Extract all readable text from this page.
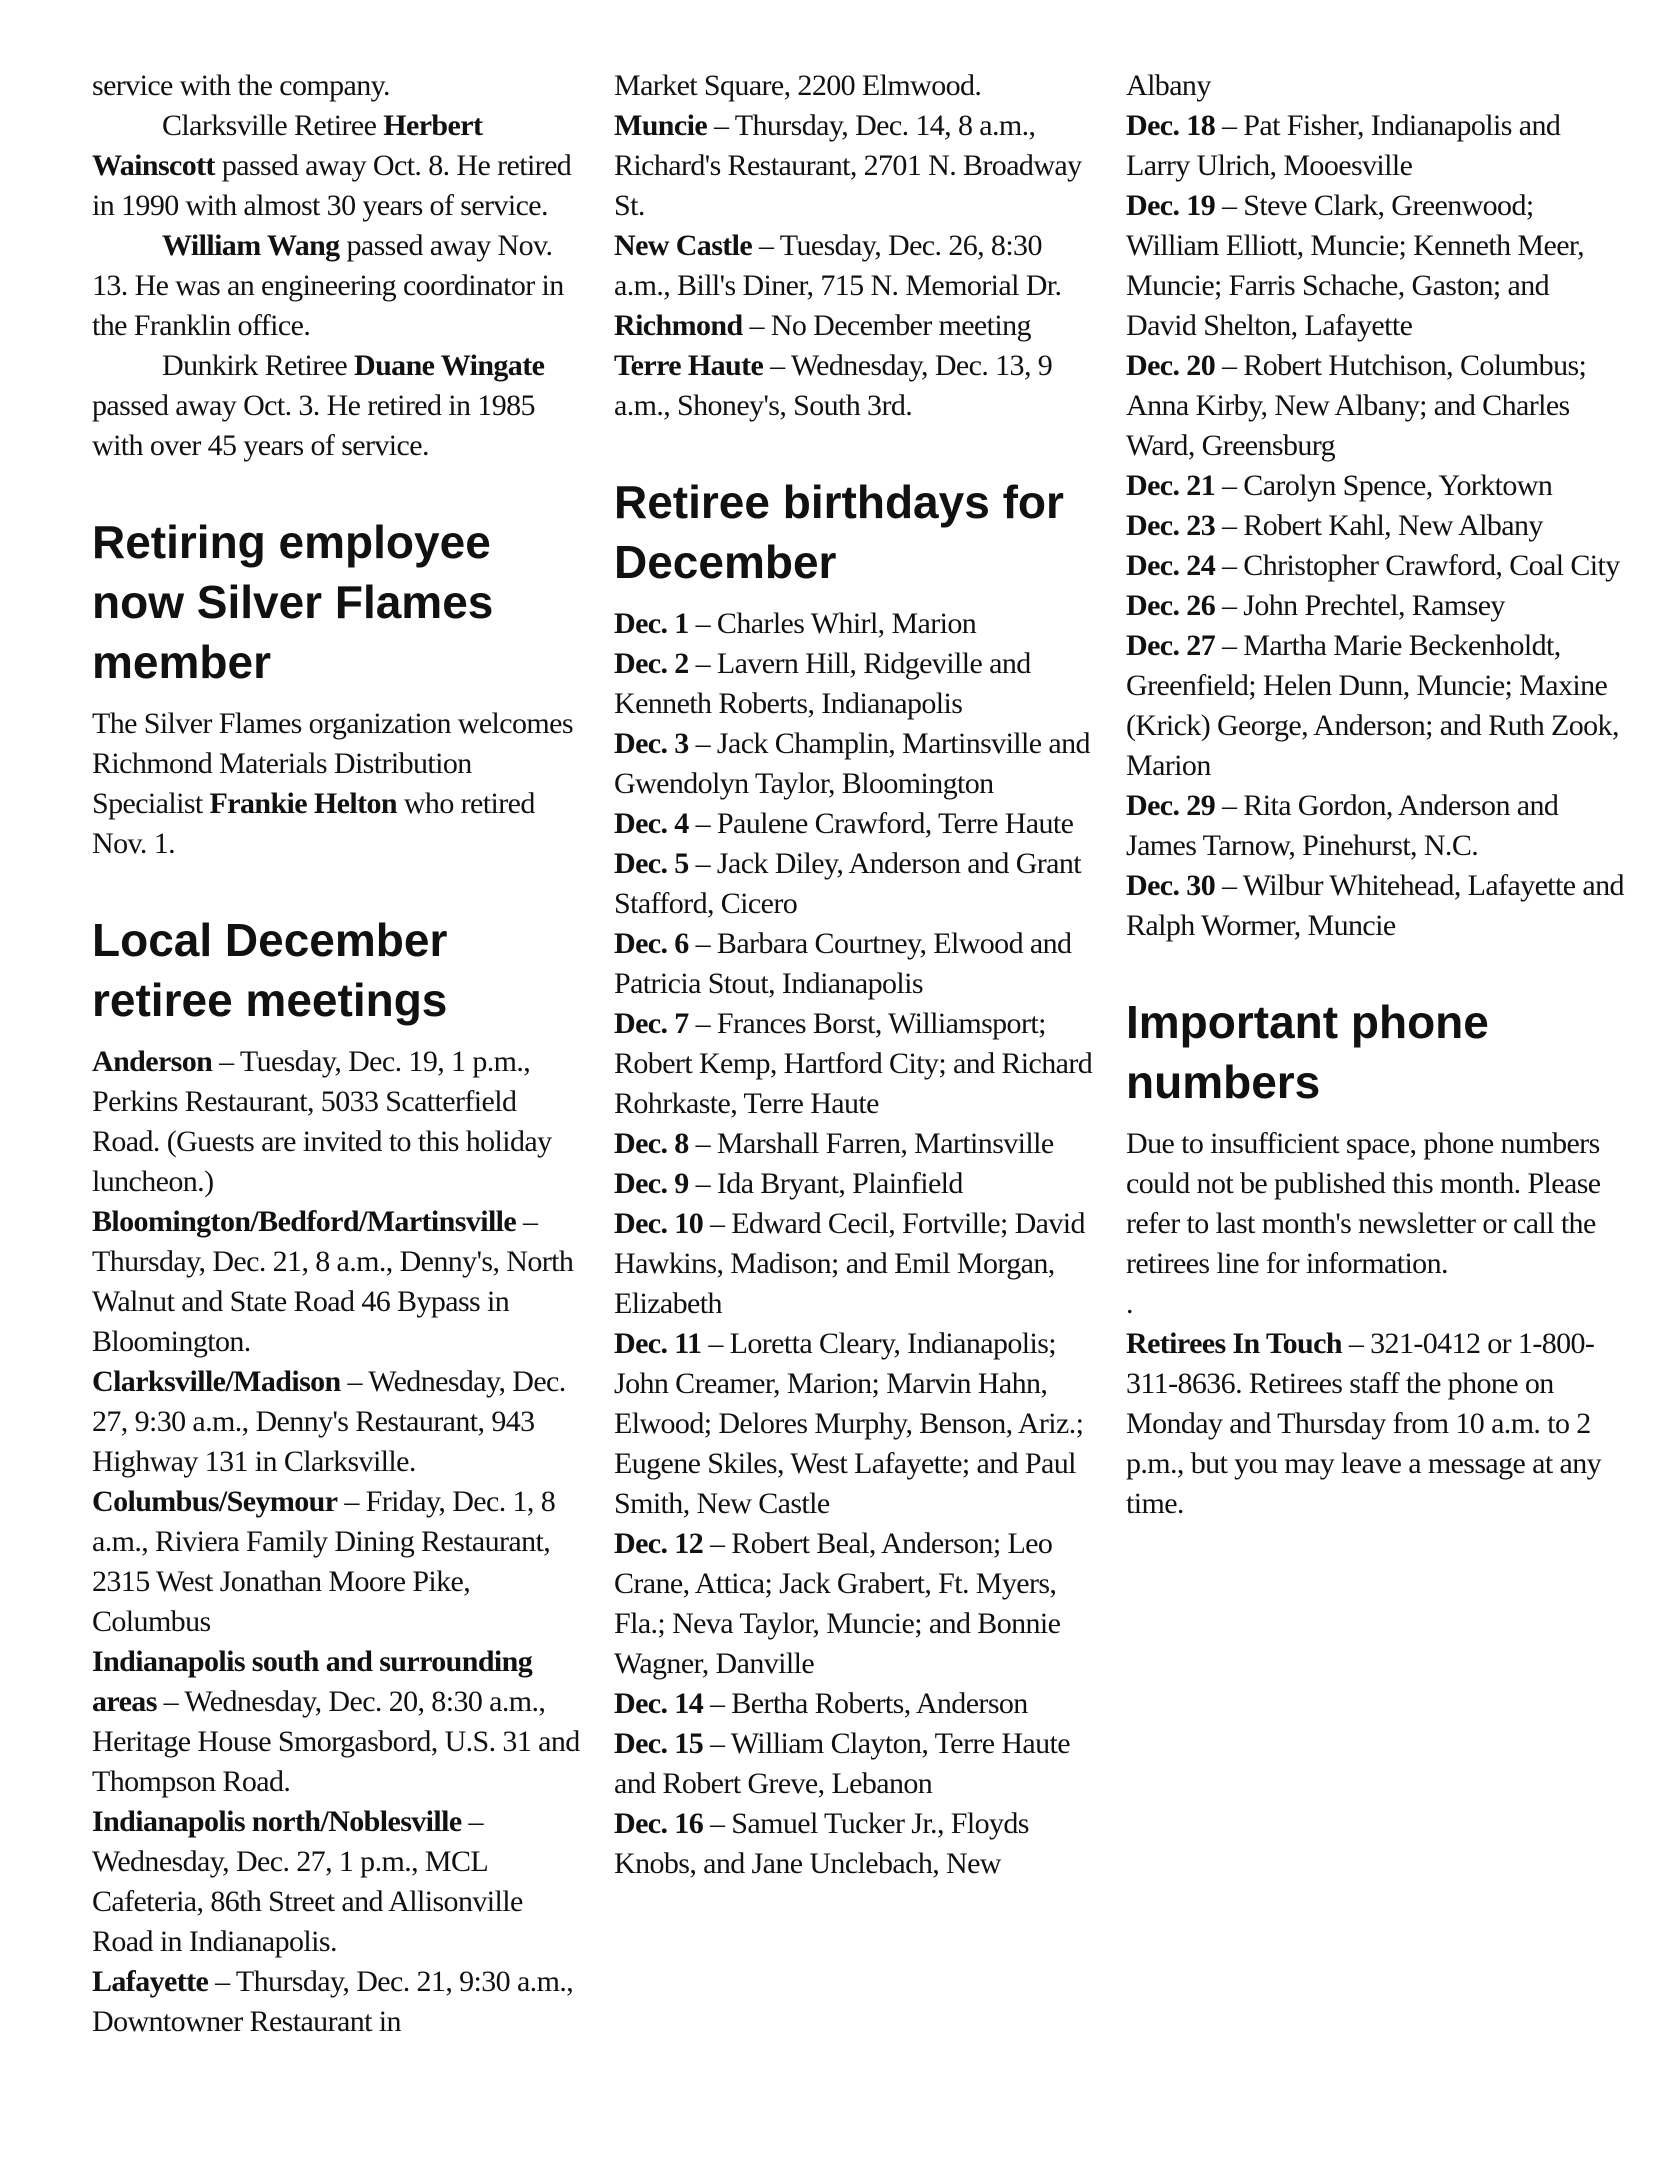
service with the company.

Clarksville Retiree Herbert Wainscott passed away Oct. 8. He retired in 1990 with almost 30 years of service.

William Wang passed away Nov. 13. He was an engineering coordinator in the Franklin office.

Dunkirk Retiree Duane Wingate passed away Oct. 3. He retired in 1985 with over 45 years of service.

Retiring employee now Silver Flames member

The Silver Flames organization welcomes Richmond Materials Distribution Specialist Frankie Helton who retired Nov. 1.

Local December retiree meetings

Anderson – Tuesday, Dec. 19, 1 p.m., Perkins Restaurant, 5033 Scatterfield Road. (Guests are invited to this holiday luncheon.)

Bloomington/Bedford/Martinsville – Thursday, Dec. 21, 8 a.m., Denny's, North Walnut and State Road 46 Bypass in Bloomington.

Clarksville/Madison – Wednesday, Dec. 27, 9:30 a.m., Denny's Restaurant, 943 Highway 131 in Clarksville.

Columbus/Seymour – Friday, Dec. 1, 8 a.m., Riviera Family Dining Restaurant, 2315 West Jonathan Moore Pike, Columbus

Indianapolis south and surrounding areas – Wednesday, Dec. 20, 8:30 a.m., Heritage House Smorgasbord, U.S. 31 and Thompson Road.

Indianapolis north/Noblesville – Wednesday, Dec. 27, 1 p.m., MCL Cafeteria, 86th Street and Allisonville Road in Indianapolis.

Lafayette – Thursday, Dec. 21, 9:30 a.m., Downtowner Restaurant in

Market Square, 2200 Elmwood.

Muncie – Thursday, Dec. 14, 8 a.m., Richard's Restaurant, 2701 N. Broadway St.

New Castle – Tuesday, Dec. 26, 8:30 a.m., Bill's Diner, 715 N. Memorial Dr.

Richmond – No December meeting

Terre Haute – Wednesday, Dec. 13, 9 a.m., Shoney's, South 3rd.

Retiree birthdays for December

Dec. 1 – Charles Whirl, Marion

Dec. 2 – Lavern Hill, Ridgeville and Kenneth Roberts, Indianapolis

Dec. 3 – Jack Champlin, Martinsville and Gwendolyn Taylor, Bloomington

Dec. 4 – Paulene Crawford, Terre Haute

Dec. 5 – Jack Diley, Anderson and Grant Stafford, Cicero

Dec. 6 – Barbara Courtney, Elwood and Patricia Stout, Indianapolis

Dec. 7 – Frances Borst, Williamsport; Robert Kemp, Hartford City; and Richard Rohrkaste, Terre Haute

Dec. 8 – Marshall Farren, Martinsville

Dec. 9 – Ida Bryant, Plainfield

Dec. 10 – Edward Cecil, Fortville; David Hawkins, Madison; and Emil Morgan, Elizabeth

Dec. 11 – Loretta Cleary, Indianapolis; John Creamer, Marion; Marvin Hahn, Elwood; Delores Murphy, Benson, Ariz.; Eugene Skiles, West Lafayette; and Paul Smith, New Castle

Dec. 12 – Robert Beal, Anderson; Leo Crane, Attica; Jack Grabert, Ft. Myers, Fla.; Neva Taylor, Muncie; and Bonnie Wagner, Danville

Dec. 14 – Bertha Roberts, Anderson

Dec. 15 – William Clayton, Terre Haute and Robert Greve, Lebanon

Dec. 16 – Samuel Tucker Jr., Floyds Knobs, and Jane Unclebach, New

Albany

Dec. 18 – Pat Fisher, Indianapolis and Larry Ulrich, Mooesville

Dec. 19 – Steve Clark, Greenwood; William Elliott, Muncie; Kenneth Meer, Muncie; Farris Schache, Gaston; and David Shelton, Lafayette

Dec. 20 – Robert Hutchison, Columbus; Anna Kirby, New Albany; and Charles Ward, Greensburg

Dec. 21 – Carolyn Spence, Yorktown

Dec. 23 – Robert Kahl, New Albany

Dec. 24 – Christopher Crawford, Coal City

Dec. 26 – John Prechtel, Ramsey

Dec. 27 – Martha Marie Beckenholdt, Greenfield; Helen Dunn, Muncie; Maxine (Krick) George, Anderson; and Ruth Zook, Marion

Dec. 29 – Rita Gordon, Anderson and James Tarnow, Pinehurst, N.C.

Dec. 30 – Wilbur Whitehead, Lafayette and Ralph Wormer, Muncie

Important phone numbers

Due to insufficient space, phone numbers could not be published this month. Please refer to last month's newsletter or call the retirees line for information.

.

Retirees In Touch – 321-0412 or 1-800-311-8636. Retirees staff the phone on Monday and Thursday from 10 a.m. to 2 p.m., but you may leave a message at any time.
